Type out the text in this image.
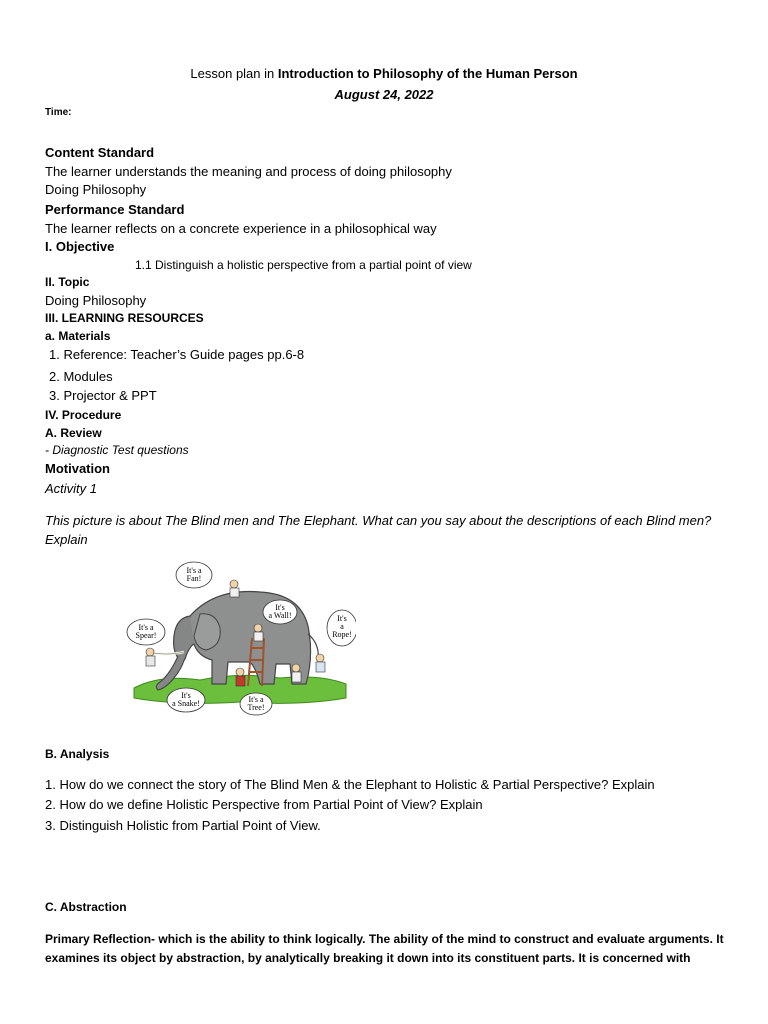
Lesson plan in Introduction to Philosophy of the Human Person
August 24, 2022
Time:
Content Standard
The learner understands the meaning and process of doing philosophy
Doing Philosophy
Performance Standard
The learner reflects on a concrete experience in a philosophical way
I. Objective
1.1 Distinguish a holistic perspective from a partial point of view
II. Topic
Doing Philosophy
III. LEARNING RESOURCES
a. Materials
1. Reference: Teacher’s Guide pages pp.6-8
2. Modules
3. Projector & PPT
IV. Procedure
A. Review
- Diagnostic Test questions
Motivation
Activity 1
This picture is about The Blind men and The Elephant. What can you say about the descriptions of each Blind men? Explain
It's a
Fan!
It's
a Wall!
It's a
Spear!
It's
a
Rope!
It's
a Snake!	It's a
Tree!
B. Analysis
1. How do we connect the story of The Blind Men & the Elephant to Holistic & Partial Perspective? Explain
2. How do we define Holistic Perspective from Partial Point of View? Explain
3. Distinguish Holistic from Partial Point of View.
C. Abstraction
Primary Reflection- which is the ability to think logically. The ability of the mind to construct and evaluate arguments. It examines its object by abstraction, by analytically breaking it down into its constituent parts. It is concerned with
